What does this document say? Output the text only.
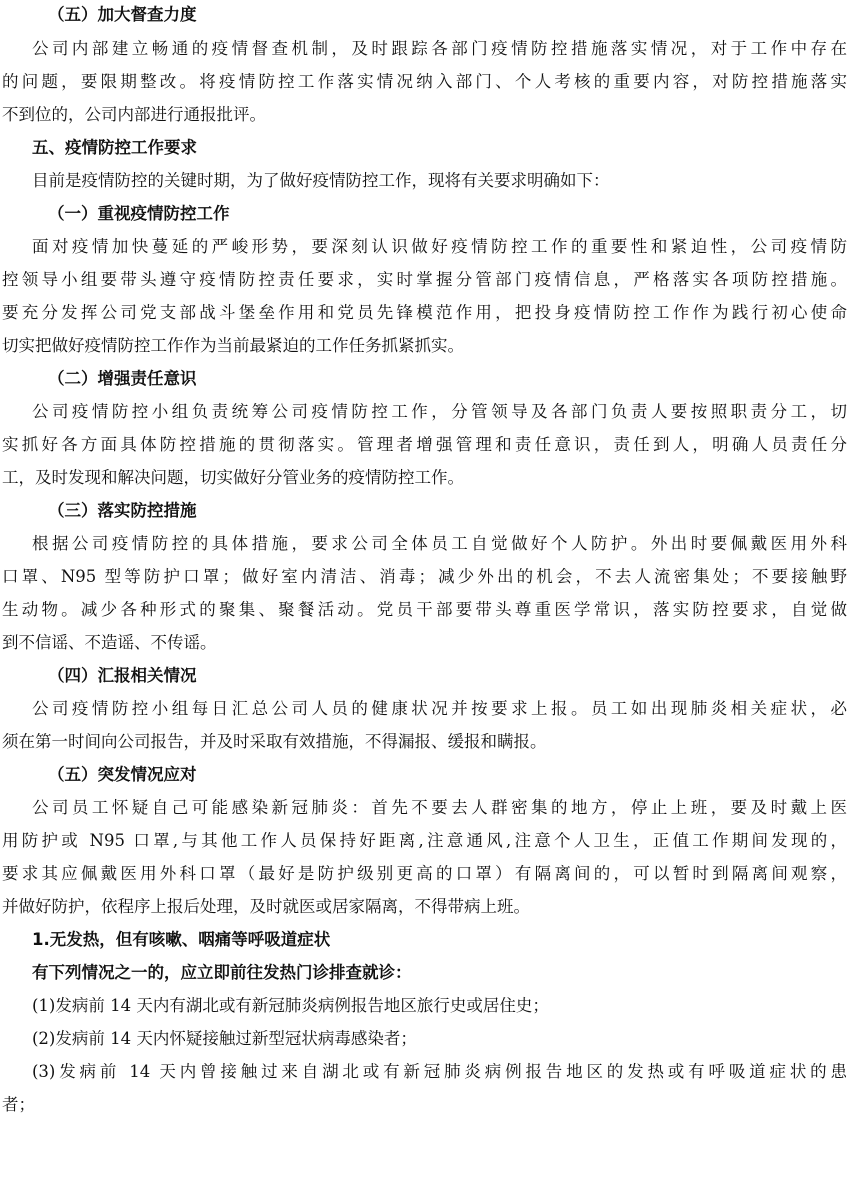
（五）加大督查力度
公司内部建立畅通的疫情督查机制，及时跟踪各部门疫情防控措施落实情况，对于工作中存在
的问题，要限期整改。将疫情防控工作落实情况纳入部门、个人考核的重要内容，对防控措施落实
不到位的，公司内部进行通报批评。
五、疫情防控工作要求
目前是疫情防控的关键时期，为了做好疫情防控工作，现将有关要求明确如下：
（一）重视疫情防控工作
面对疫情加快蔓延的严峻形势，要深刻认识做好疫情防控工作的重要性和紧迫性，公司疫情防
控领导小组要带头遵守疫情防控责任要求，实时掌握分管部门疫情信息，严格落实各项防控措施。
要充分发挥公司党支部战斗堡垒作用和党员先锋模范作用，把投身疫情防控工作作为践行初心使命
切实把做好疫情防控工作作为当前最紧迫的工作任务抓紧抓实。
（二）增强责任意识
公司疫情防控小组负责统筹公司疫情防控工作，分管领导及各部门负责人要按照职责分工，切
实抓好各方面具体防控措施的贯彻落实。管理者增强管理和责任意识，责任到人，明确人员责任分
工，及时发现和解决问题，切实做好分管业务的疫情防控工作。
（三）落实防控措施
根据公司疫情防控的具体措施，要求公司全体员工自觉做好个人防护。外出时要佩戴医用外科
口罩、N95 型等防护口罩；做好室内清洁、消毒；减少外出的机会，不去人流密集处；不要接触野
生动物。减少各种形式的聚集、聚餐活动。党员干部要带头尊重医学常识，落实防控要求，自觉做
到不信谣、不造谣、不传谣。
（四）汇报相关情况
公司疫情防控小组每日汇总公司人员的健康状况并按要求上报。员工如出现肺炎相关症状，必
须在第一时间向公司报告，并及时采取有效措施，不得漏报、缓报和瞒报。
（五）突发情况应对
公司员工怀疑自己可能感染新冠肺炎：首先不要去人群密集的地方，停止上班，要及时戴上医
用防护或 N95 口罩,与其他工作人员保持好距离,注意通风,注意个人卫生，正值工作期间发现的，
要求其应佩戴医用外科口罩（最好是防护级别更高的口罩）有隔离间的，可以暂时到隔离间观察，
并做好防护，依程序上报后处理，及时就医或居家隔离，不得带病上班。
1.无发热，但有咳嗽、咽痛等呼吸道症状
有下列情况之一的，应立即前往发热门诊排查就诊：
(1)发病前 14 天内有湖北或有新冠肺炎病例报告地区旅行史或居住史；
(2)发病前 14 天内怀疑接触过新型冠状病毒感染者；
(3)发病前 14 天内曾接触过来自湖北或有新冠肺炎病例报告地区的发热或有呼吸道症状的患
者；
